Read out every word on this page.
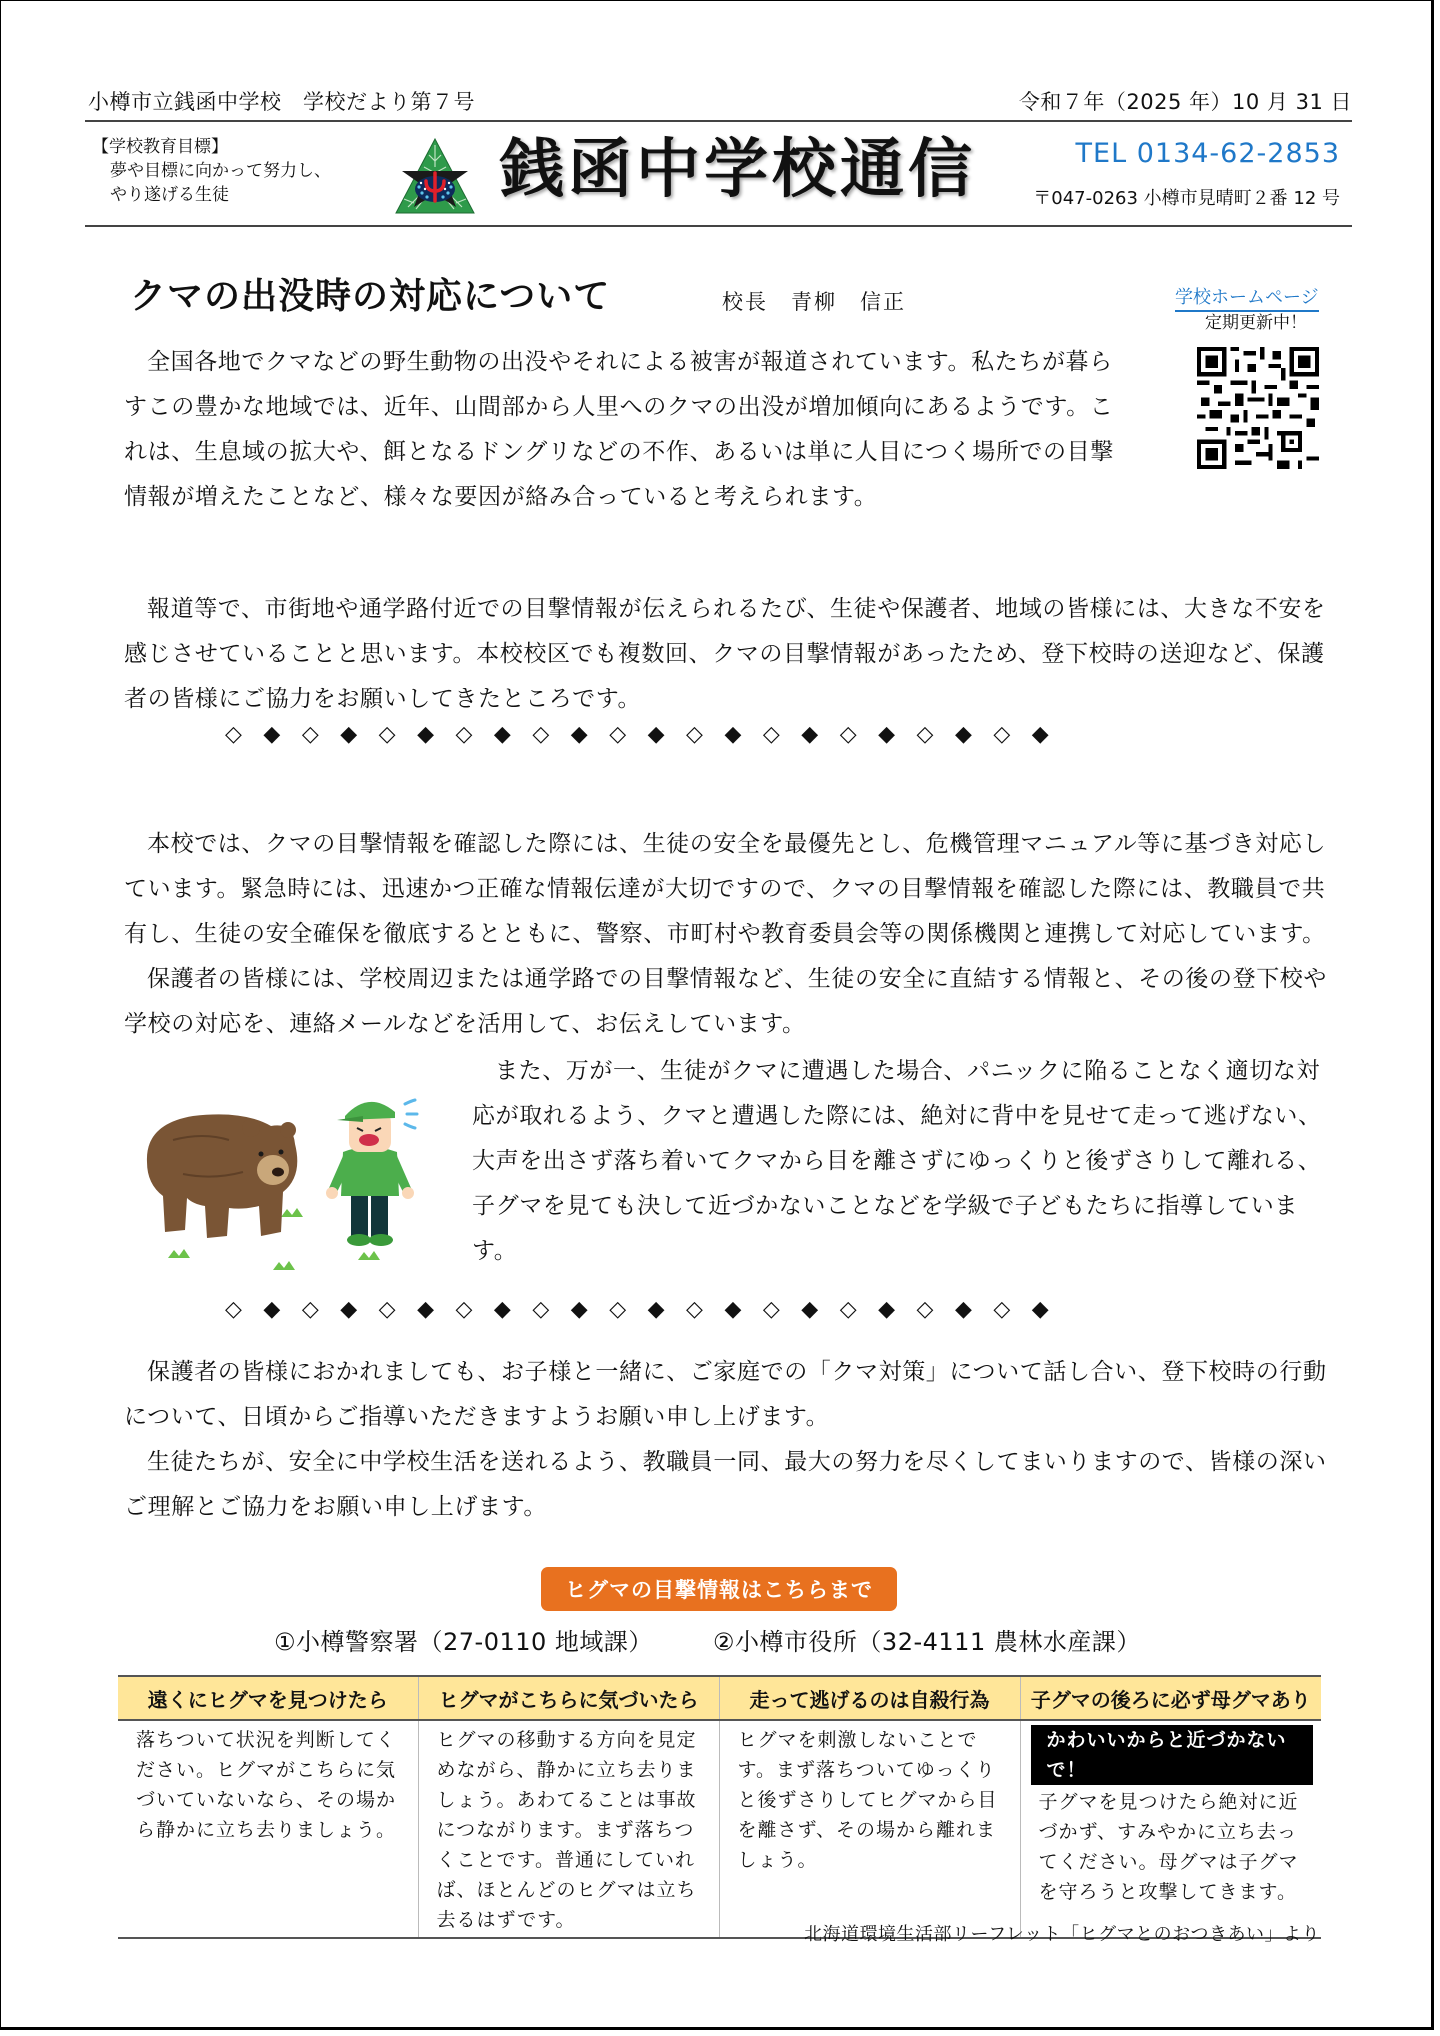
小樽市立銭函中学校　学校だより第７号	令和７年（2025 年）10 月 31 日
【学校教育目標】
夢や目標に向かって努力し、
やり遂げる生徒	銭函中学校通信	TEL 0134-62-2853
〒047-0263 小樽市見晴町２番 12 号
クマの出没時の対応について	校長　青柳　信正	学校ホームページ
定期更新中！

全国各地でクマなどの野生動物の出没やそれによる被害が報道されています。私たちが暮らすこの豊かな地域では、近年、山間部から人里へのクマの出没が増加傾向にあるようです。これは、生息域の拡大や、餌となるドングリなどの不作、あるいは単に人目につく場所での目撃情報が増えたことなど、様々な要因が絡み合っていると考えられます。

報道等で、市街地や通学路付近での目撃情報が伝えられるたび、生徒や保護者、地域の皆様には、大きな不安を感じさせていることと思います。本校校区でも複数回、クマの目撃情報があったため、登下校時の送迎など、保護者の皆様にご協力をお願いしてきたところです。

◇◆◇◆◇◆◇◆◇◆◇◆◇◆◇◆◇◆◇◆◇◆

本校では、クマの目撃情報を確認した際には、生徒の安全を最優先とし、危機管理マニュアル等に基づき対応しています。緊急時には、迅速かつ正確な情報伝達が大切ですので、クマの目撃情報を確認した際には、教職員で共有し、生徒の安全確保を徹底するとともに、警察、市町村や教育委員会等の関係機関と連携して対応しています。

保護者の皆様には、学校周辺または通学路での目撃情報など、生徒の安全に直結する情報と、その後の登下校や学校の対応を、連絡メールなどを活用して、お伝えしています。

また、万が一、生徒がクマに遭遇した場合、パニックに陥ることなく適切な対応が取れるよう、クマと遭遇した際には、絶対に背中を見せて走って逃げない、大声を出さず落ち着いてクマから目を離さずにゆっくりと後ずさりして離れる、子グマを見ても決して近づかないことなどを学級で子どもたちに指導しています。

◇◆◇◆◇◆◇◆◇◆◇◆◇◆◇◆◇◆◇◆◇◆

保護者の皆様におかれましても、お子様と一緒に、ご家庭での「クマ対策」について話し合い、登下校時の行動について、日頃からご指導いただきますようお願い申し上げます。

生徒たちが、安全に中学校生活を送れるよう、教職員一同、最大の努力を尽くしてまいりますので、皆様の深いご理解とご協力をお願い申し上げます。

ヒグマの目撃情報はこちらまで
①小樽警察署（27-0110 地域課）	②小樽市役所（32-4111 農林水産課）
遠くにヒグマを見つけたら	ヒグマがこちらに気づいたら	走って逃げるのは自殺行為	子グマの後ろに必ず母グマあり
落ちついて状況を判断してください。ヒグマがこちらに気づいていないなら、その場から静かに立ち去りましょう。	ヒグマの移動する方向を見定めながら、静かに立ち去りましょう。あわてることは事故につながります。まず落ちつくことです。普通にしていれば、ほとんどのヒグマは立ち去るはずです。	ヒグマを刺激しないことです。まず落ちついてゆっくりと後ずさりしてヒグマから目を離さず、その場から離れましょう。	かわいいからと近づかないで！
子グマを見つけたら絶対に近づかず、すみやかに立ち去ってください。母グマは子グマを守ろうと攻撃してきます。
北海道環境生活部リーフレット「ヒグマとのおつきあい」より
